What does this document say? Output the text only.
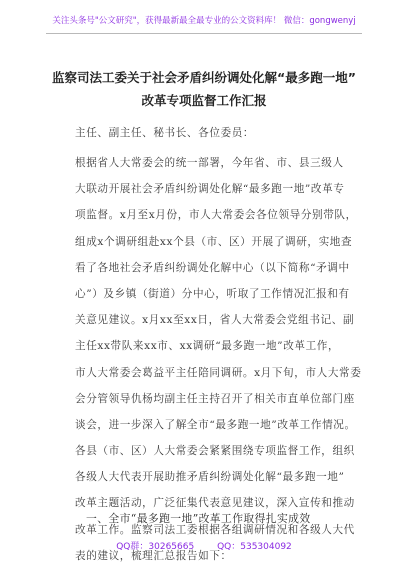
关注头条号"公文研究"，获得最新最全最专业的公文资料库！ 微信：gongwenyj
监察司法工委关于社会矛盾纠纷调处化解“最多跑一地”
改革专项监督工作汇报
主任、副主任、秘书长、各位委员：
根据省人大常委会的统一部署，今年省、市、县三级人
大联动开展社会矛盾纠纷调处化解“最多跑一地”改革专
项监督。x月至x月份，市人大常委会各位领导分别带队，
组成x个调研组赴xx个县（市、区）开展了调研，实地查
看了各地社会矛盾纠纷调处化解中心（以下简称“矛调中
心”）及乡镇（街道）分中心，听取了工作情况汇报和有
关意见建议。x月xx至xx日，省人大常委会党组书记、副
主任xx带队来xx市、xx调研“最多跑一地”改革工作，
市人大常委会葛益平主任陪同调研。x月下旬，市人大常委
会分管领导仇杨均副主任主持召开了相关市直单位部门座
谈会，进一步深入了解全市“最多跑一地”改革工作情况。
各县（市、区）人大常委会紧紧围绕专项监督工作，组织
各级人大代表开展助推矛盾纠纷调处化解“最多跑一地”
改革主题活动，广泛征集代表意见建议，深入宣传和推动
改革工作。监察司法工委根据各组调研情况和各级人大代
表的建议，梳理汇总报告如下：
一、全市“最多跑一地”改革工作取得扎实成效
QQ群：30265665	QQ：535304092
